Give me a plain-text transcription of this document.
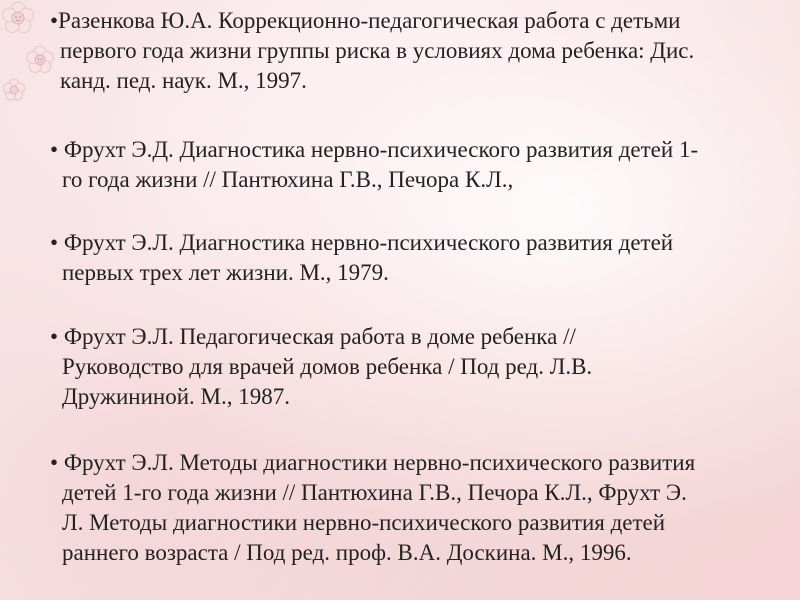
•Разенкова Ю.А. Коррекционно-педагогическая работа с детьми
первого года жизни группы риска в условиях дома ребенка: Дис.
канд. пед. наук. М., 1997.
• Фрухт Э.Д. Диагностика нервно-психического развития детей 1-
го года жизни // Пантюхина Г.В., Печора К.Л.,
• Фрухт Э.Л. Диагностика нервно-психического развития детей
первых трех лет жизни. М., 1979.
• Фрухт Э.Л. Педагогическая работа в доме ребенка //
Руководство для врачей домов ребенка / Под ред. Л.В.
Дружининой. М., 1987.
• Фрухт Э.Л. Методы диагностики нервно-психического развития
детей 1-го года жизни // Пантюхина Г.В., Печора К.Л., Фрухт Э.
Л. Методы диагностики нервно-психического развития детей
раннего возраста / Под ред. проф. В.А. Доскина. М., 1996.
